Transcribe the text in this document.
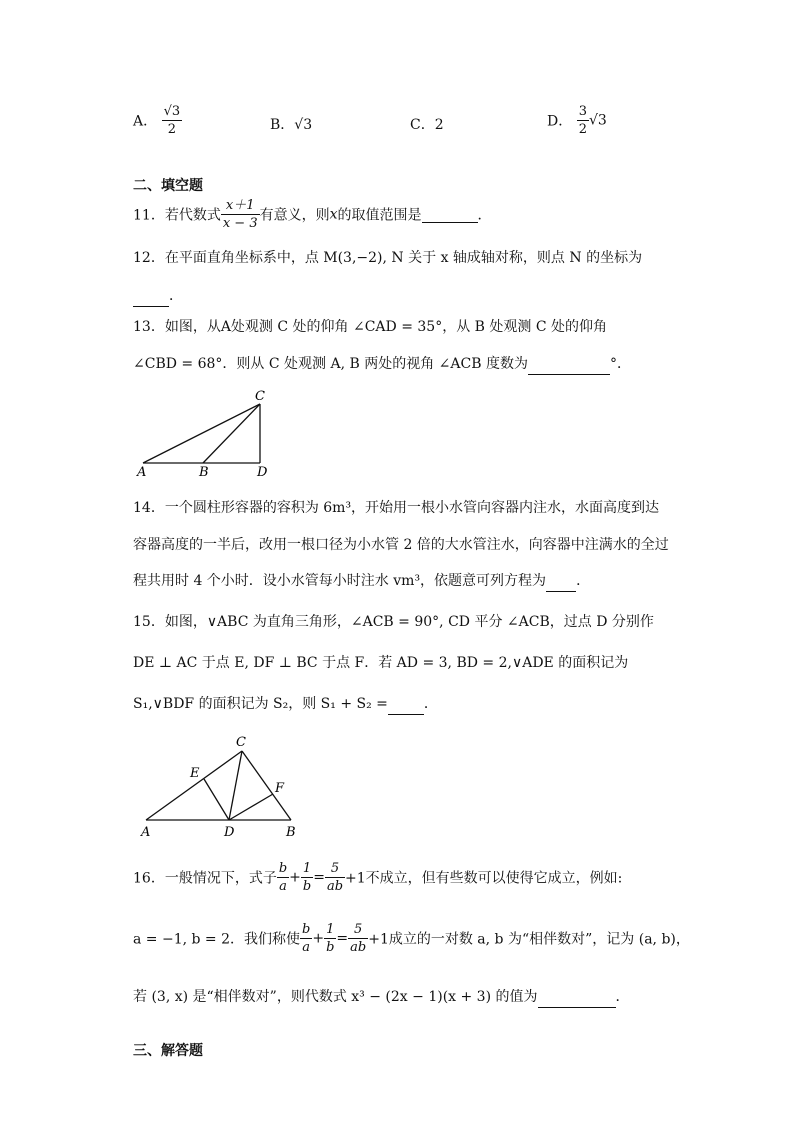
A． $\frac{√3}{2}$	B．√3	C．2	D． $\frac{3}{2} √3$
二、填空题
11．若代数式 $\frac{x+1}{x - 3}$ 有意义，则x的取值范围是	．
12．在平面直角坐标系中，点 M(3,−2), N 关于 x 轴成轴对称，则点 N 的坐标为
．
13．如图，从A处观测 C 处的仰角 ∠CAD = 35°，从 B 处观测 C 处的仰角
∠CBD = 68°．则从 C 处观测 A, B 两处的视角 ∠ACB 度数为	°．
C
A	B	D
14．一个圆柱形容器的容积为 6m³，开始用一根小水管向容器内注水，水面高度到达
容器高度的一半后，改用一根口径为小水管 2 倍的大水管注水，向容器中注满水的全过
程共用时 4 个小时．设小水管每小时注水 vm³，依题意可列方程为 ．
15．如图，∨ABC 为直角三角形，∠ACB = 90°, CD 平分 ∠ACB，过点 D 分别作
DE ⊥ AC 于点 E, DF ⊥ BC 于点 F．若 AD = 3, BD = 2,∨ADE 的面积记为
S₁,∨BDF 的面积记为 S₂，则 S₁ + S₂ =	．
C
E
F
A	D	B
16．一般情况下，式子 $\frac{b}{a} + \frac{1}{b} = \frac{5}{ab} +1$不成立，但有些数可以使得它成立，例如:
a = −1, b = 2．我们称使 $\frac{b}{a} + \frac{1}{b} = \frac{5}{ab} +1$成立的一对数 a, b 为“相伴数对”，记为 (a, b)，
若 (3, x) 是“相伴数对”，则代数式 x³ − (2x − 1)(x + 3) 的值为	．
三、解答题
